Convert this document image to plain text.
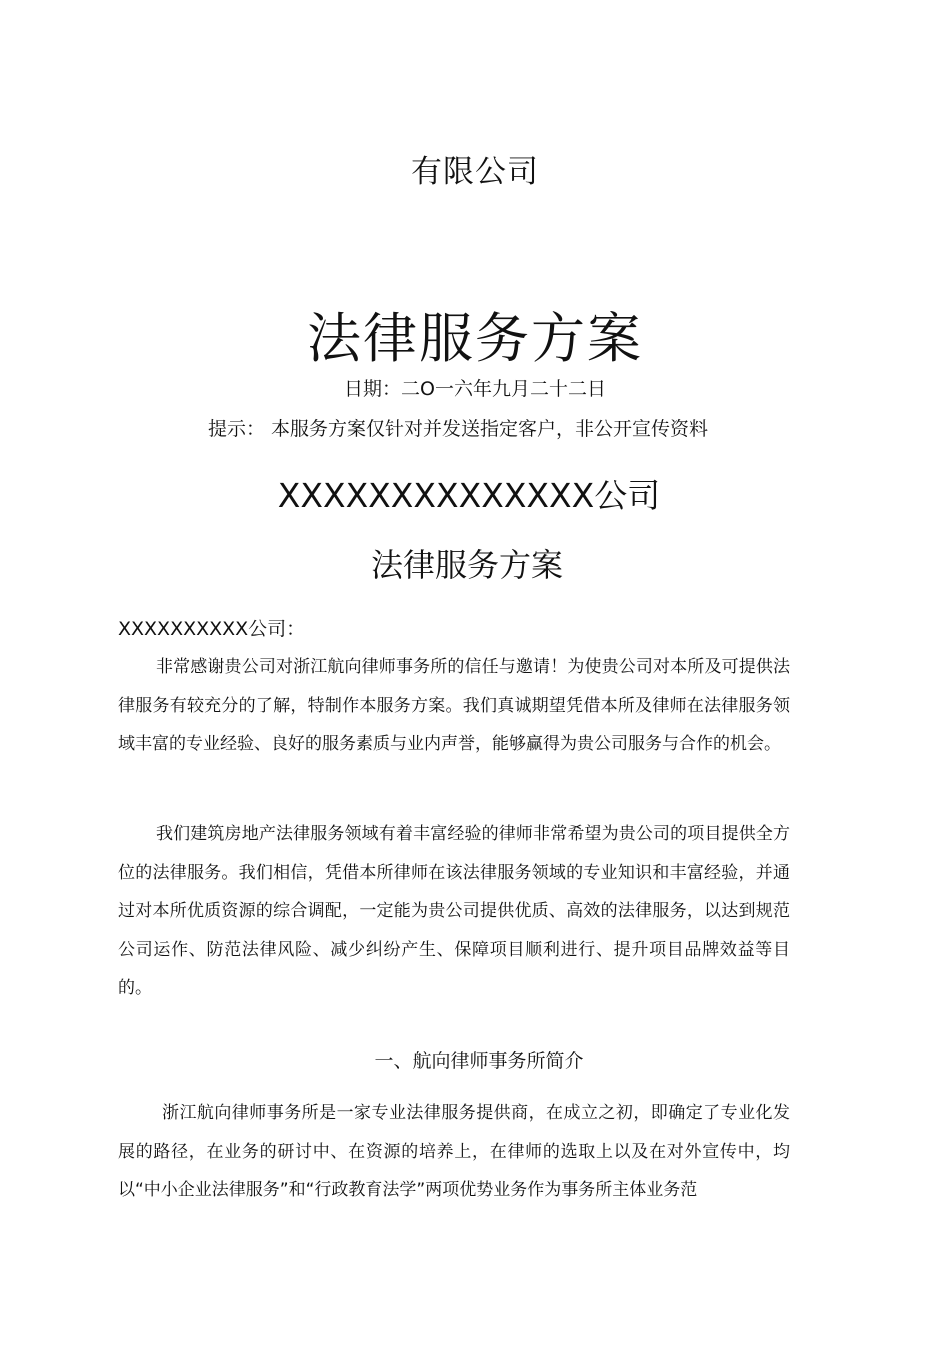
有限公司
法律服务方案
日期：二O一六年九月二十二日
提示： 本服务方案仅针对并发送指定客户，非公开宣传资料
XXXXXXXXXXXXXX公司
法律服务方案
XXXXXXXXXX公司：

非常感谢贵公司对浙江航向律师事务所的信任与邀请！为使贵公司对本所及可提供法律服务有较充分的了解，特制作本服务方案。我们真诚期望凭借本所及律师在法律服务领域丰富的专业经验、良好的服务素质与业内声誉，能够赢得为贵公司服务与合作的机会。

我们建筑房地产法律服务领域有着丰富经验的律师非常希望为贵公司的项目提供全方位的法律服务。我们相信，凭借本所律师在该法律服务领域的专业知识和丰富经验，并通过对本所优质资源的综合调配，一定能为贵公司提供优质、高效的法律服务，以达到规范公司运作、防范法律风险、减少纠纷产生、保障项目顺利进行、提升项目品牌效益等目的。

一、航向律师事务所简介

浙江航向律师事务所是一家专业法律服务提供商，在成立之初，即确定了专业化发展的路径，在业务的研讨中、在资源的培养上，在律师的选取上以及在对外宣传中，均以“中小企业法律服务”和“行政教育法学”两项优势业务作为事务所主体业务范
